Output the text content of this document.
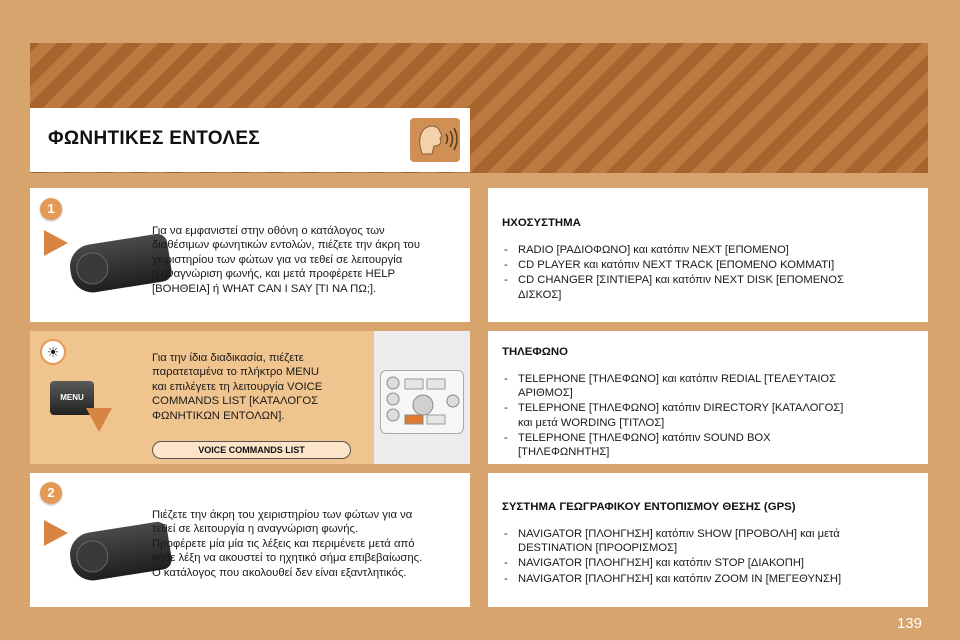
ΦΩΝΗΤΙΚΕΣ ΕΝΤΟΛΕΣ
1
Για να εμφανιστεί στην οθόνη ο κατάλογος των
διαθέσιμων φωνητικών εντολών, πιέζετε την άκρη του
χειριστηρίου των φώτων για να τεθεί σε λειτουργία
η αναγνώριση φωνής, και μετά προφέρετε HELP
[ΒΟΗΘΕΙΑ] ή WHAT CAN I SAY [ΤΙ ΝΑ ΠΩ;].
☀
MENU
Για την ίδια διαδικασία, πιέζετε
παρατεταμένα το πλήκτρο MENU
και επιλέγετε τη λειτουργία VOICE
COMMANDS LIST [ΚΑΤΑΛΟΓΟΣ
ΦΩΝΗΤΙΚΩΝ ΕΝΤΟΛΩΝ].
VOICE COMMANDS LIST
2
Πιέζετε την άκρη του χειριστηρίου των φώτων για να
τεθεί σε λειτουργία η αναγνώριση φωνής.
Προφέρετε μία μία τις λέξεις και περιμένετε μετά από
κάθε λέξη να ακουστεί το ηχητικό σήμα επιβεβαίωσης.
Ο κατάλογος που ακολουθεί δεν είναι εξαντλητικός.
ΗΧΟΣΥΣΤΗΜΑ
- RADIO [ΡΑΔΙΟΦΩΝΟ] και κατόπιν NEXT [ΕΠΟΜΕΝΟ]
- CD PLAYER και κατόπιν NEXT TRACK [ΕΠΟΜΕΝΟ ΚΟΜΜΑΤΙ]
- CD CHANGER [ΣΙΝΤΙΕΡΑ] και κατόπιν NEXT DISK [ΕΠΟΜΕΝΟΣ
ΔΙΣΚΟΣ]
ΤΗΛΕΦΩΝΟ
- TELEPHONE [ΤΗΛΕΦΩΝΟ] και κατόπιν REDIAL [ΤΕΛΕΥΤΑΙΟΣ
ΑΡΙΘΜΟΣ]
- TELEPHONE [ΤΗΛΕΦΩΝΟ] κατόπιν DIRECTORY [ΚΑΤΑΛΟΓΟΣ]
και μετά WORDING [ΤΙΤΛΟΣ]
- TELEPHONE [ΤΗΛΕΦΩΝΟ] κατόπιν SOUND BOX
[ΤΗΛΕΦΩΝΗΤΗΣ]
ΣΥΣΤΗΜΑ ΓΕΩΓΡΑΦΙΚΟΥ ΕΝΤΟΠΙΣΜΟΥ ΘΕΣΗΣ (GPS)
- NAVIGATOR [ΠΛΟΗΓΗΣΗ] κατόπιν SHOW [ΠΡΟΒΟΛΗ] και μετά
DESTINATION [ΠΡΟΟΡΙΣΜΟΣ]
- NAVIGATOR [ΠΛΟΗΓΗΣΗ] και κατόπιν STOP [ΔΙΑΚΟΠΗ]
- NAVIGATOR [ΠΛΟΗΓΗΣΗ] και κατόπιν ZOOM IN [ΜΕΓΕΘΥΝΣΗ]
139
